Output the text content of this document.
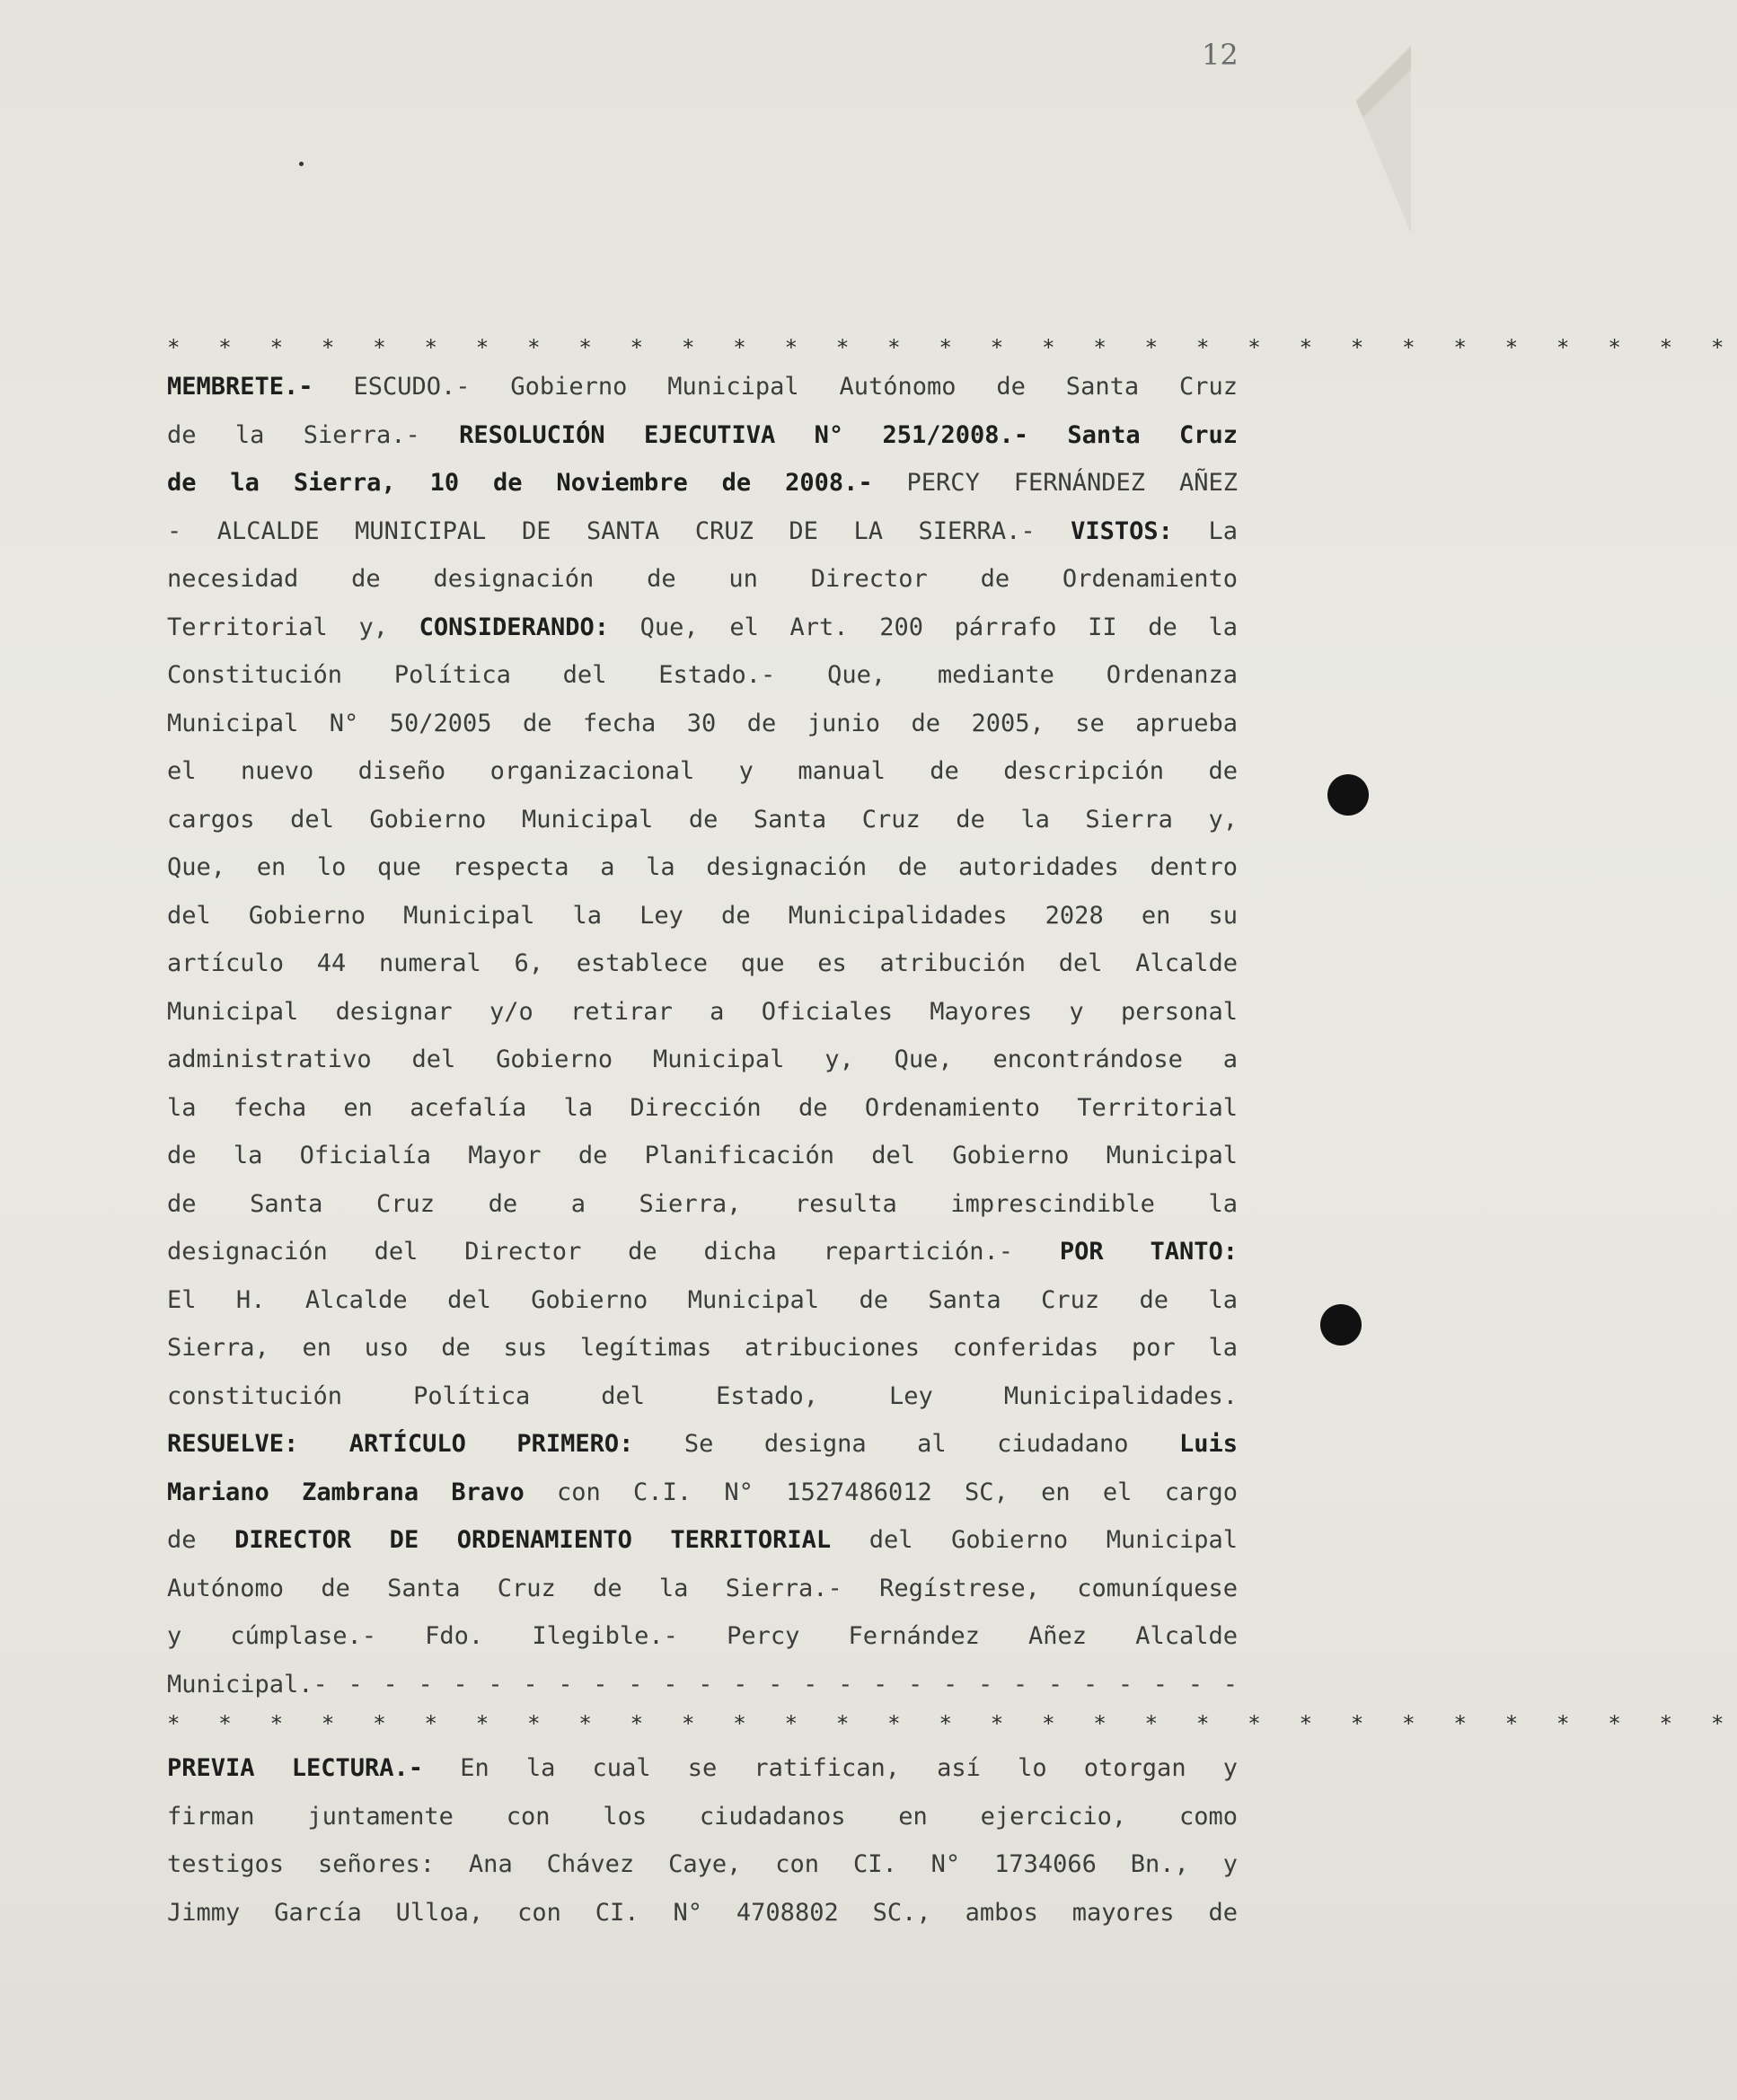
12
* * * * * * * * * * * * * * * * * * * * * * * * * * * * * * *
MEMBRETE.- ESCUDO.- Gobierno Municipal Autónomo de Santa Cruz
de la Sierra.- RESOLUCIÓN EJECUTIVA N° 251/2008.- Santa Cruz
de la Sierra, 10 de Noviembre de 2008.- PERCY FERNÁNDEZ AÑEZ
- ALCALDE MUNICIPAL DE SANTA CRUZ DE LA SIERRA.- VISTOS: La
necesidad de designación de un Director de Ordenamiento
Territorial y, CONSIDERANDO: Que, el Art. 200 párrafo II de la
Constitución Política del Estado.- Que, mediante Ordenanza
Municipal N° 50/2005 de fecha 30 de junio de 2005, se aprueba
el nuevo diseño organizacional y manual de descripción de
cargos del Gobierno Municipal de Santa Cruz de la Sierra y,
Que, en lo que respecta a la designación de autoridades dentro
del Gobierno Municipal la Ley de Municipalidades 2028 en su
artículo 44 numeral 6, establece que es atribución del Alcalde
Municipal designar y/o retirar a Oficiales Mayores y personal
administrativo del Gobierno Municipal y, Que, encontrándose a
la fecha en acefalía la Dirección de Ordenamiento Territorial
de la Oficialía Mayor de Planificación del Gobierno Municipal
de Santa Cruz de a Sierra, resulta imprescindible la
designación del Director de dicha repartición.- POR TANTO:
El H. Alcalde del Gobierno Municipal de Santa Cruz de la
Sierra, en uso de sus legítimas atribuciones conferidas por la
constitución Política del Estado, Ley Municipalidades.
RESUELVE: ARTÍCULO PRIMERO: Se designa al ciudadano Luis
Mariano Zambrana Bravo con C.I. N° 1527486012 SC, en el cargo
de DIRECTOR DE ORDENAMIENTO TERRITORIAL del Gobierno Municipal
Autónomo de Santa Cruz de la Sierra.- Regístrese, comuníquese
y cúmplase.- Fdo. Ilegible.- Percy Fernández Añez Alcalde
Municipal.- - - - - - - - - - - - - - - - - - - - - - - - - - -
* * * * * * * * * * * * * * * * * * * * * * * * * * * * * * *
PREVIA LECTURA.- En la cual se ratifican, así lo otorgan y
firman juntamente con los ciudadanos en ejercicio, como
testigos señores: Ana Chávez Caye, con CI. N° 1734066 Bn., y
Jimmy García Ulloa, con CI. N° 4708802 SC., ambos mayores de
